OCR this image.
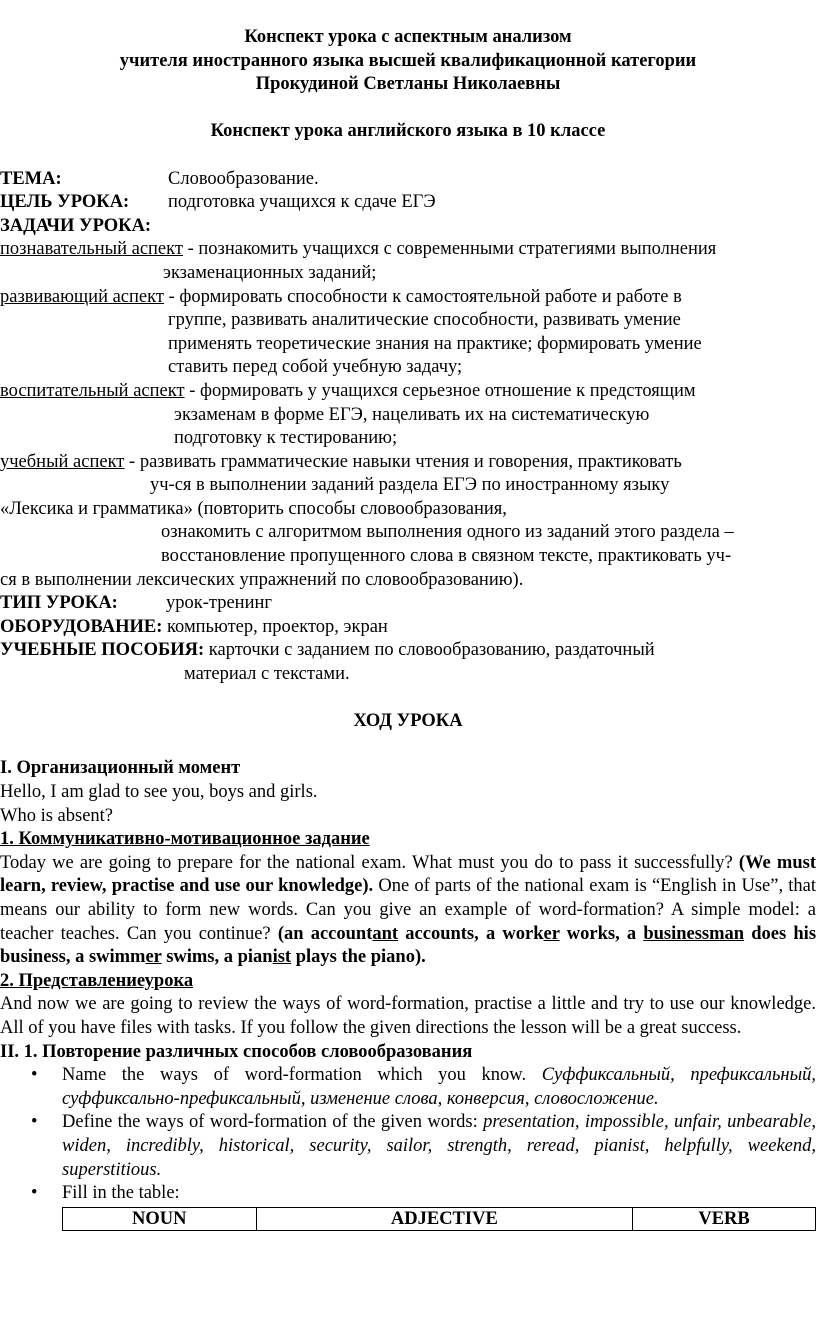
Конспект урока с аспектным анализом
учителя иностранного языка высшей квалификационной категории
Прокудиной Светланы Николаевны
Конспект урока английского языка в 10 классе
ТЕМА:	Словообразование.
ЦЕЛЬ УРОКА: подготовка учащихся к сдаче ЕГЭ
ЗАДАЧИ УРОКА:
познавательный аспект - познакомить учащихся с современными стратегиями выполнения
экзаменационных заданий;
развивающий аспект - формировать способности к самостоятельной работе и работе в
группе, развивать аналитические способности, развивать умение
применять теоретические знания на практике; формировать умение
ставить перед собой учебную задачу;
воспитательный аспект - формировать у учащихся серьезное отношение к предстоящим
экзаменам в форме ЕГЭ, нацеливать их на систематическую
подготовку к тестированию;
учебный аспект - развивать грамматические навыки чтения и говорения, практиковать
уч-ся в выполнении заданий раздела ЕГЭ по иностранному языку
«Лексика и грамматика» (повторить способы словообразования,
ознакомить с алгоритмом выполнения одного из заданий этого раздела –
восстановление пропущенного слова в связном тексте, практиковать уч-
ся в выполнении лексических упражнений по словообразованию).
ТИП УРОКА:	урок-тренинг
ОБОРУДОВАНИЕ: компьютер, проектор, экран
УЧЕБНЫЕ ПОСОБИЯ: карточки с заданием по словообразованию, раздаточный
материал с текстами.
ХОД УРОКА
I. Организационный момент
Hello, I am glad to see you, boys and girls.
Who is absent?
1. Коммуникативно-мотивационное задание
Today we are going to prepare for the national exam. What must you do to pass it successfully? (We must learn, review, practise and use our knowledge). One of parts of the national exam is “English in Use”, that means our ability to form new words. Can you give an example of word-formation? A simple model: a teacher teaches. Can you continue? (an accountant accounts, a worker works, a businessman does his business, a swimmer swims, a pianist plays the piano).
2. Представлениеурока
And now we are going to review the ways of word-formation, practise a little and try to use our knowledge. All of you have files with tasks. If you follow the given directions the lesson will be a great success.
II. 1. Повторение различных способов словообразования
• Name the ways of word-formation which you know. Суффиксальный, префиксальный, суффиксально-префиксальный, изменение слова, конверсия, словосложение.
• Define the ways of word-formation of the given words: presentation, impossible, unfair, unbearable, widen, incredibly, historical, security, sailor, strength, reread, pianist, helpfully, weekend, superstitious.
• Fill in the table:
NOUN	ADJECTIVE	VERB
